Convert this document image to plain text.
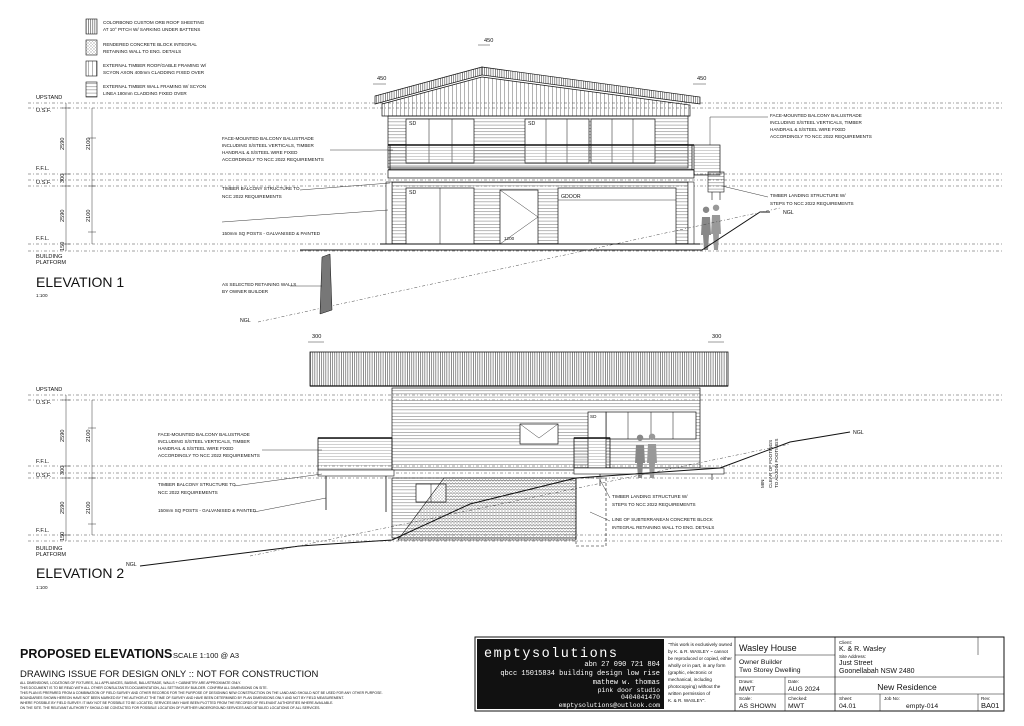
COLORBOND CUSTOM ORB ROOF SHEETING
AT 10° PITCH W/ SARKING UNDER BATTENS
RENDERED CONCRETE BLOCK INTEGRAL
RETAINING WALL TO ENG. DETAILS
EXTERNAL TIMBER ROOF/GABLE FRAMING W/
SCYON AXON 400mm CLADDING FIXED OVER
EXTERNAL TIMBER WALL FRAMING W/ SCYON
LINEA 180mm CLADDING FIXED OVER
UPSTAND
U.S.F.
F.F.L.
U.S.F.
F.F.L.
BUILDING
PLATFORM
2590	2100
300
2590	2100
150
450
450	450
SD	SD
SD
1200
GDOOR
NGL
NGL
FACE-MOUNTED BALCONY BALUSTRADE
INCLUDING S/STEEL VERTICALS, TIMBER
HANDRAIL & S/STEEL WIRE FIXED
ACCORDINGLY TO NCC 2022 REQUIREMENTS
TIMBER BALCONY STRUCTURE TO
NCC 2022 REQUIREMENTS
150mm SQ POSTS - GALVANISED & PAINTED
AS SELECTED RETAINING WALLS
BY OWNER BUILDER
FACE-MOUNTED BALCONY BALUSTRADE
INCLUDING S/STEEL VERTICALS, TIMBER
HANDRAIL & S/STEEL WIRE FIXED
ACCORDINGLY TO NCC 2022 REQUIREMENTS
TIMBER LANDING STRUCTURE W/
STEPS TO NCC 2022 REQUIREMENTS
ELEVATION 1
1:100
UPSTAND
U.S.F.
F.F.L.
U.S.F.
F.F.L.
BUILDING
PLATFORM
2590	2100
300
2590	2100
150
300	300
SD
NGL
NGL
MIN CLEAR OF FOOTINGS TO ADJOIN FOOTINGS
FACE-MOUNTED BALCONY BALUSTRADE
INCLUDING S/STEEL VERTICALS, TIMBER
HANDRAIL & S/STEEL WIRE FIXED
ACCORDINGLY TO NCC 2022 REQUIREMENTS
TIMBER BALCONY STRUCTURE TO
NCC 2022 REQUIREMENTS
150mm SQ POSTS - GALVANISED & PAINTED
TIMBER LANDING STRUCTURE W/
STEPS TO NCC 2022 REQUIREMENTS
LINE OF SUBTERRANEAN CONCRETE BLOCK
INTEGRAL RETAINING WALL TO ENG. DETAILS
ELEVATION 2
1:100
PROPOSED ELEVATIONS SCALE 1:100 @ A3
DRAWING ISSUE FOR DESIGN ONLY :: NOT FOR CONSTRUCTION
ALL DIMENSIONS, LOCATIONS OF FIXTURES, ALL APPLIANCES, BASINS, BALUSTRADE, WALLS + CABINETRY ARE APPROXIMATE ONLY.
THIS DOCUMENT IS TO BE READ WITH ALL OTHER CONSULTANTS DOCUMENTATION, ALL SETTINGS BY BUILDER. CONFIRM ALL DIMENSIONS ON SITE.
THIS PLAN IS PREPARED FROM A COMBINATION OF FIELD SURVEY AND OTHER RECORDS FOR THE PURPOSE OF DESIGNING NEW CONSTRUCTION ON THE LAND AND SHOULD NOT BE USED FOR ANY OTHER PURPOSE.
BOUNDARIES SHOWN HEREON HAVE NOT BEEN MARKED BY THE AUTHOR AT THE TIME OF SURVEY AND HAVE BEEN DETERMINED BY PLAN DIMENSIONS ONLY AND NOT BY FIELD MEASUREMENT.
WHERE POSSIBLE BY FIELD SURVEY. IT MAY NOT BE POSSIBLE TO BE LOCATED, SERVICES MAY HAVE BEEN PLOTTED FROM THE RECORDS OF RELEVANT AUTHORITIES WHERE AVAILABLE.
ON THE SITE. THE RELEVANT AUTHORITY SHOULD BE CONTACTED FOR POSSIBLE LOCATION OF FURTHER UNDERGROUND SERVICES AND DETAILED LOCATIONS OF ALL SERVICES.
emptysolutions
abn 27 090 721 804
qbcc 15015834 building design low rise
mathew w. thomas
pink door studio
0404041470
emptysolutions@outlook.com
"This work is exclusively owned
by K. & R. WASLEY ~ cannot
be reproduced or copied, either
wholly or in part, in any form
(graphic, electronic or
mechanical, including
photocopying) without the
written permission of
K. & R. WASLEY".
Wasley House
Owner Builder
Two Storey Dwelling
Drawn:
MWT
Date:
AUG 2024
Scale:
AS SHOWN
Checked:
MWT
Client:
K. & R. Wasley
Site Address:
Just Street
Goonellabah NSW 2480
New Residence
Sheet:
04.01
Job No:
empty-014
Rev:
BA01
